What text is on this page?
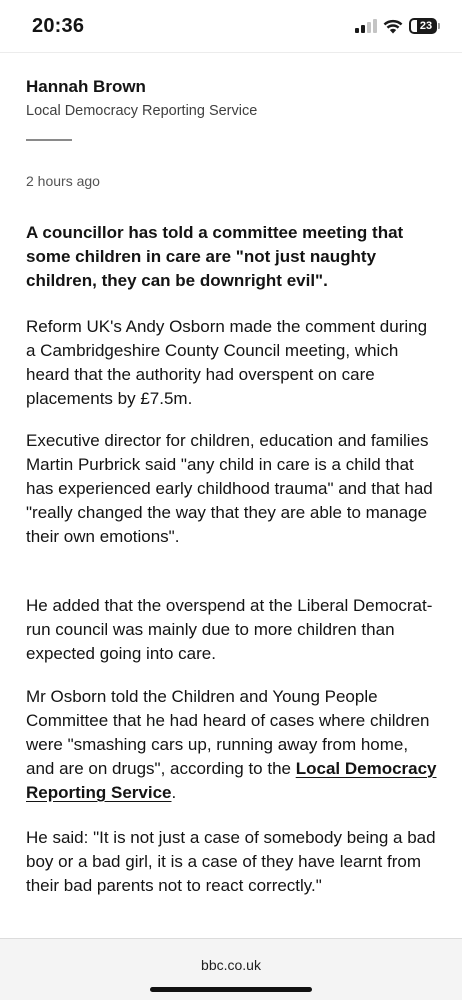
20:36	23
Hannah Brown
Local Democracy Reporting Service
2 hours ago

A councillor has told a committee meeting that some children in care are "not just naughty children, they can be downright evil".

Reform UK's Andy Osborn made the comment during a Cambridgeshire County Council meeting, which heard that the authority had overspent on care placements by £7.5m.

Executive director for children, education and families Martin Purbrick said "any child in care is a child that has experienced early childhood trauma" and that had "really changed the way that they are able to manage their own emotions".

He added that the overspend at the Liberal Democrat-run council was mainly due to more children than expected going into care.

Mr Osborn told the Children and Young People Committee that he had heard of cases where children were "smashing cars up, running away from home, and are on drugs", according to the Local Democracy Reporting Service.

He said: "It is not just a case of somebody being a bad boy or a bad girl, it is a case of they have learnt from their bad parents not to react correctly."

bbc.co.uk
